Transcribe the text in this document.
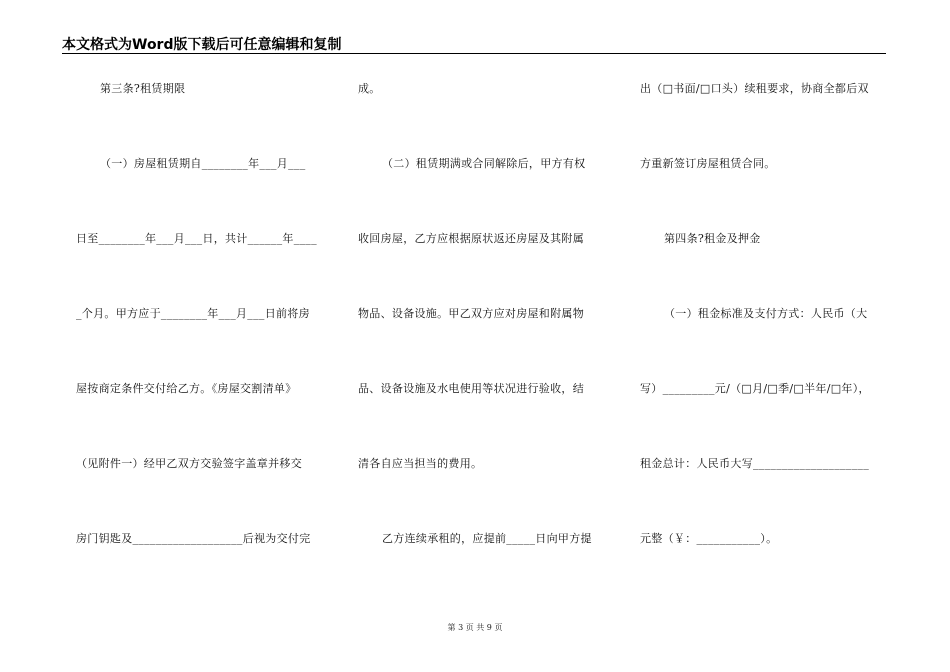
本文格式为Word版下载后可任意编辑和复制
第三条?租赁期限
（一）房屋租赁期自________年___月___
日至________年___月___日，共计______年____
_个月。甲方应于________年___月___日前将房
屋按商定条件交付给乙方。《房屋交割清单》
（见附件一）经甲乙双方交验签字盖章并移交
房门钥匙及___________________后视为交付完
成。
（二）租赁期满或合同解除后，甲方有权
收回房屋，乙方应根据原状返还房屋及其附属
物品、设备设施。甲乙双方应对房屋和附属物
品、设备设施及水电使用等状况进行验收，结
清各自应当担当的费用。
乙方连续承租的，应提前_____日向甲方提
出（□书面/□口头）续租要求，协商全都后双
方重新签订房屋租赁合同。
第四条?租金及押金
（一）租金标准及支付方式：人民币（大
写）_________元/（□月/□季/□半年/□年），
租金总计：人民币大写____________________
元整（￥：___________）。
第 3 页 共 9 页
